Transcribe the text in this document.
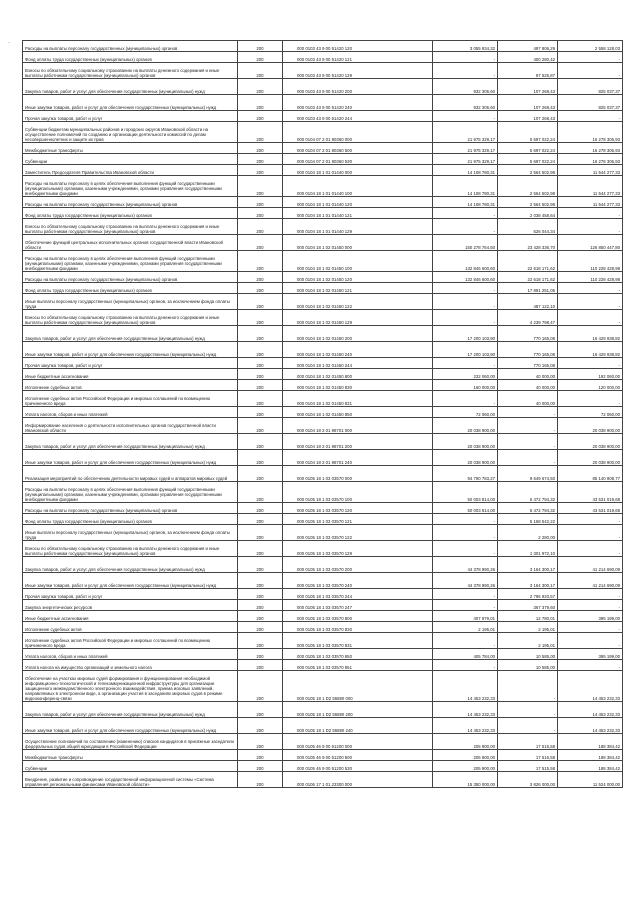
·	··
Расходы на выплаты персоналу государственных (муниципальных) органов	200	000 0103 43 9 00 51420 120	3 055 934,32	497 806,29	2 558 128,03
Фонд оплаты труда государственных (муниципальных) органов	200	000 0103 43 9 00 51420 121	-	400 280,42	-
Взносы по обязательному социальному страхованию на выплаты денежного содержания и иные выплаты работникам государственных (муниципальных) органов	200	000 0103 43 9 00 51420 129	-	97 525,87	-
Закупка товаров, работ и услуг для обеспечения государственных (муниципальных) нужд	200	000 0103 43 9 00 51420 200	932 305,60	107 268,43	825 037,37
Иные закупки товаров, работ и услуг для обеспечения государственных (муниципальных) нужд	200	000 0103 43 9 00 51420 240	932 305,60	107 268,43	825 037,37
Прочая закупка товаров, работ и услуг	200	000 0103 43 9 00 51420 244	-	107 268,43	-
Субвенции бюджетам муниципальных районов и городских округов Ивановской области на осуществление полномочий по созданию и организации деятельности комиссий по делам несовершеннолетних и защите их прав	200	000 0104 07 2 01 80360 000	21 975 329,17	5 697 022,24	16 278 306,93
Межбюджетные трансферты	200	000 0104 07 2 01 80360 500	21 975 329,17	5 697 022,24	16 278 306,93
Субвенции	200	000 0104 07 2 01 80360 530	21 975 329,17	5 697 022,24	16 278 306,93
Заместитель Председателя Правительства Ивановской области	200	000 0104 18 1 01 01440 000	14 108 780,31	2 564 502,98	11 544 277,33
Расходы на выплаты персоналу в целях обеспечения выполнения функций государственными (муниципальными) органами, казенными учреждениями, органами управления государственными внебюджетными фондами	200	000 0104 18 1 01 01440 100	14 108 780,31	2 564 502,98	11 544 277,33
Расходы на выплаты персоналу государственных (муниципальных) органов	200	000 0104 18 1 01 01440 120	14 108 780,31	2 564 502,98	11 544 277,33
Фонд оплаты труда государственных (муниципальных) органов	200	000 0104 18 1 01 01440 121	-	2 038 458,64	-
Взносы по обязательному социальному страхованию на выплаты денежного содержания и иные выплаты работникам государственных (муниципальных) органов	200	000 0104 18 1 01 01440 129	-	526 044,34	-
Обеспечение функций центральных исполнительных органов государственной власти Ивановской области	200	000 0104 18 1 02 01450 000	150 278 764,50	23 428 336,70	126 850 447,80
Расходы на выплаты персоналу в целях обеспечения выполнения функций государственными (муниципальными) органами, казенными учреждениями, органами управления государственными внебюджетными фондами	200	000 0104 18 1 02 01450 100	132 846 600,60	22 618 171,62	110 228 428,98
Расходы на выплаты персоналу государственных (муниципальных) органов	200	000 0104 18 1 02 01450 120	132 846 600,60	22 618 171,62	110 228 428,98
Фонд оплаты труда государственных (муниципальных) органов	200	000 0104 18 1 02 01450 121	-	17 891 251,05	-
Иные выплаты персоналу государственных (муниципальных) органов, за исключением фонда оплаты труда	200	000 0104 18 1 02 01450 122	-	487 122,10	-
Взносы по обязательному социальному страхованию на выплаты денежного содержания и иные выплаты работникам государственных (муниципальных) органов	200	000 0104 18 1 02 01450 129	-	4 239 798,47	-
Закупка товаров, работ и услуг для обеспечения государственных (муниципальных) нужд	200	000 0104 18 1 02 01450 200	17 200 103,90	770 165,08	16 429 938,82
Иные закупки товаров, работ и услуг для обеспечения государственных (муниципальных) нужд	200	000 0104 18 1 02 01450 240	17 200 103,90	770 165,08	16 429 938,82
Прочая закупка товаров, работ и услуг	200	000 0104 18 1 02 01450 244	-	770 165,08	-
Иные бюджетные ассигнования	200	000 0104 18 1 02 01450 800	232 060,00	40 000,00	192 060,00
Исполнение судебных актов	200	000 0104 18 1 02 01450 830	160 000,00	40 000,00	120 000,00
Исполнение судебных актов Российской Федерации и мировых соглашений по возмещению причиненного вреда	200	000 0104 18 1 02 01450 831	-	40 000,00	-
Уплата налогов, сборов и иных платежей	200	000 0104 18 1 02 01450 850	72 060,00	-	72 060,00
Информирование населения о деятельности исполнительных органов государственной власти Ивановской области	200	000 0104 18 2 01 98701 000	20 038 900,00	-	20 038 900,00
Закупка товаров, работ и услуг для обеспечения государственных (муниципальных) нужд	200	000 0104 18 2 01 98701 200	20 038 900,00	-	20 038 900,00
Иные закупки товаров, работ и услуг для обеспечения государственных (муниципальных) нужд	200	000 0104 18 2 01 98701 240	20 038 900,00	-	20 038 900,00
Реализация мероприятий по обеспечению деятельности мировых судей и аппаратов мировых судей	200	000 0105 18 1 03 03570 000	94 790 783,27	9 649 674,50	85 140 908,77
Расходы на выплаты персоналу в целях обеспечения выполнения функций государственными (муниципальными) органами, казенными учреждениями, органами управления государственными внебюджетными фондами	200	000 0105 18 1 03 03570 100	50 003 814,00	6 472 794,32	43 531 019,68
Расходы на выплаты персоналу государственных (муниципальных) органов	200	000 0105 18 1 03 03570 120	50 003 814,00	6 472 794,32	43 531 019,68
Фонд оплаты труда государственных (муниципальных) органов	200	000 0105 18 1 03 03570 121	-	5 168 542,22	-
Иные выплаты персоналу государственных (муниципальных) органов, за исключением фонда оплаты труда	200	000 0105 18 1 03 03570 122	-	2 280,00	-
Взносы по обязательному социальному страхованию на выплаты денежного содержания и иные выплаты работникам государственных (муниципальных) органов	200	000 0105 18 1 03 03570 129	-	1 301 972,10	-
Закупка товаров, работ и услуг для обеспечения государственных (муниципальных) нужд	200	000 0105 18 1 03 03570 200	44 378 990,26	3 164 300,17	41 214 690,09
Иные закупки товаров, работ и услуг для обеспечения государственных (муниципальных) нужд	200	000 0105 18 1 03 03570 240	44 378 990,26	3 164 300,17	41 214 690,09
Прочая закупка товаров, работ и услуг	200	000 0105 18 1 03 03570 244	-	2 796 920,57	-
Закупка энергетических ресурсов	200	000 0105 18 1 03 03570 247	-	367 379,60	-
Иные бюджетные ассигнования	200	000 0105 18 1 03 03570 800	407 979,01	12 780,01	395 199,00
Исполнение судебных актов	200	000 0105 18 1 03 03570 830	2 195,01	2 195,01	-
Исполнение судебных актов Российской Федерации и мировых соглашений по возмещению причиненного вреда	200	000 0105 18 1 03 03570 831	-	2 195,01	-
Уплата налогов, сборов и иных платежей	200	000 0105 18 1 03 03570 850	405 784,00	10 585,00	395 199,00
Уплата налога на имущество организаций и земельного налога	200	000 0105 18 1 03 03570 851	-	10 585,00	-
Обеспечение на участках мировых судей формирования и функционирования необходимой информационно-технологической и телекоммуникационной инфраструктуры для организации защищенного межведомственного электронного взаимодействия, приема исковых заявлений, направляемых в электронном виде, а организации участия в заседаниях мировых судов в режиме видеоконференц-связи	200	000 0105 18 1 D2 55890 000	14 453 232,33	-	14 453 232,33
Закупка товаров, работ и услуг для обеспечения государственных (муниципальных) нужд	200	000 0105 18 1 D2 55890 200	14 453 232,33	-	14 453 232,33
Иные закупки товаров, работ и услуг для обеспечения государственных (муниципальных) нужд	200	000 0105 18 1 D2 55890 240	14 453 232,33	-	14 453 232,33
Осуществление полномочий по составлению (изменению) списков кандидатов в присяжные заседатели федеральных судов общей юрисдикции в Российской Федерации	200	000 0105 46 9 00 51200 000	205 900,00	17 515,58	188 384,42
Межбюджетные трансферты	200	000 0105 46 9 00 51200 500	205 900,00	17 515,58	188 384,42
Субвенции	200	000 0105 46 9 00 51200 530	205 900,00	17 515,58	188 384,42
Внедрение, развитие и сопровождение государственной информационной системы «Система управления региональными финансами Ивановской области»	200	000 0106 17 1 01 23300 000	15 350 000,00	3 826 000,00	11 524 000,00
